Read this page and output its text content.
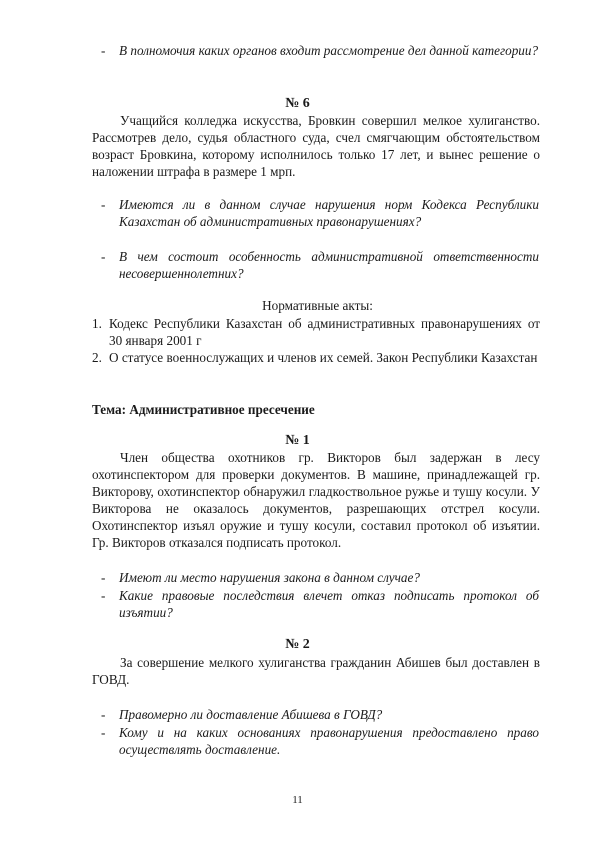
- В полномочия каких органов входит рассмотрение дел данной категории?
№ 6
Учащийся колледжа искусства, Бровкин совершил мелкое хулиганство. Рассмотрев дело, судья областного суда, счел смягчающим обстоятельством возраст Бровкина, которому исполнилось только 17 лет, и вынес решение о наложении штрафа в размере 1 мрп.
- Имеются ли в данном случае нарушения норм Кодекса Республики Казахстан об административных правонарушениях?
- В чем состоит особенность административной ответственности несовершеннолетних?
Нормативные акты:
1. Кодекс Республики Казахстан об административных правонарушениях от 30 января 2001 г
2. О статусе военнослужащих и членов их семей. Закон Республики Казахстан
Тема: Административное пресечение
№ 1
Член общества охотников гр. Викторов был задержан в лесу охотинспектором для проверки документов. В машине, принадлежащей гр. Викторову, охотинспектор обнаружил гладкоствольное ружье и тушу косули. У Викторова не оказалось документов, разрешающих отстрел косули. Охотинспектор изъял оружие и тушу косули, составил протокол об изъятии. Гр. Викторов отказался подписать протокол.
- Имеют ли место нарушения закона в данном случае?
- Какие правовые последствия влечет отказ подписать протокол об изъятии?
№ 2
За совершение мелкого хулиганства гражданин Абишев был доставлен в ГОВД.
- Правомерно ли доставление Абишева в ГОВД?
- Кому и на каких основаниях правонарушения предоставлено право осуществлять доставление.
11
